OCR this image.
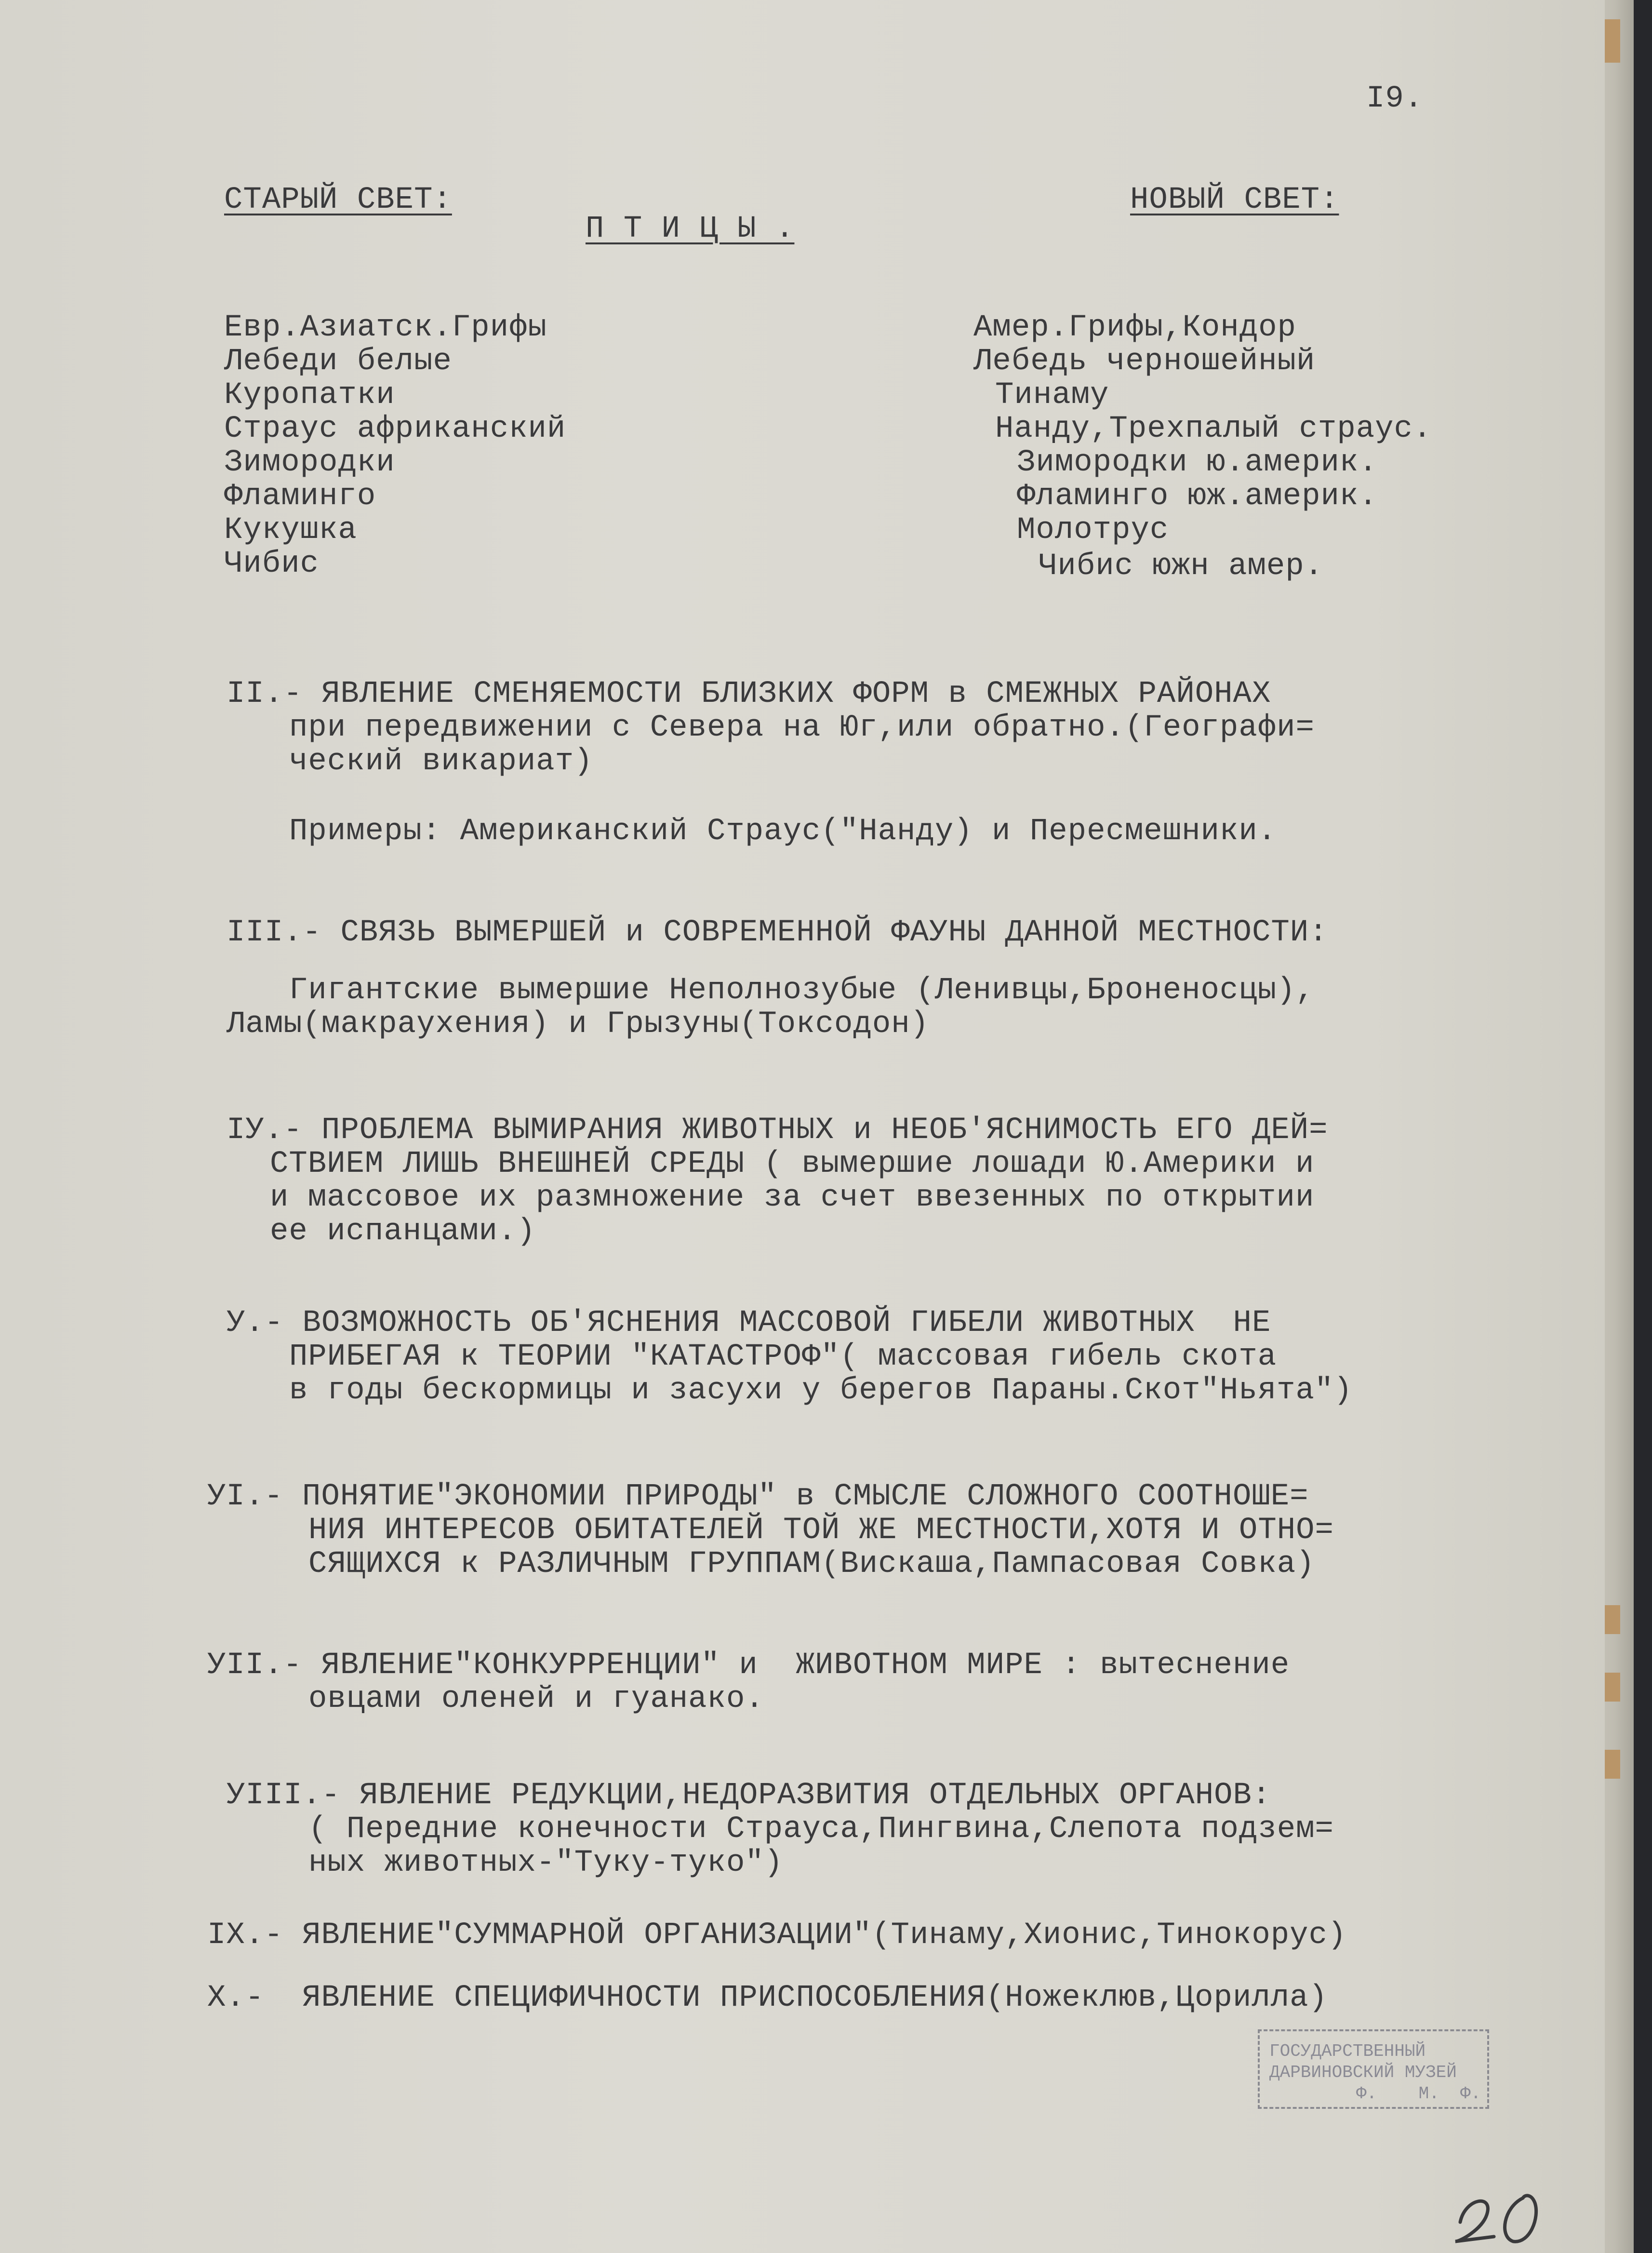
I9.
СТАРЫЙ СВЕТ:	НОВЫЙ СВЕТ:
П Т И Ц Ы .
Евр.Азиатск.Грифы
Лебеди белые
Куропатки
Страус африканский
Зимородки
Фламинго
Кукушка
Чибис
Амер.Грифы,Кондор
Лебедь черношейный
Тинаму
Нанду,Трехпалый страус.
Зимородки ю.америк.
Фламинго юж.америк.
Молотрус
Чибис южн амер.
II.- ЯВЛЕНИЕ СМЕНЯЕМОСТИ БЛИЗКИХ ФОРМ в СМЕЖНЫХ РАЙОНАХ
при передвижении с Севера на Юг,или обратно.(Географи=
ческий викариат)
Примеры: Американский Страус("Нанду) и Пересмешники.
III.- СВЯЗЬ ВЫМЕРШЕЙ и СОВРЕМЕННОЙ ФАУНЫ ДАННОЙ МЕСТНОСТИ:
Гигантские вымершие Неполнозубые (Ленивцы,Броненосцы),
Ламы(макраухения) и Грызуны(Токсодон)
IУ.- ПРОБЛЕМА ВЫМИРАНИЯ ЖИВОТНЫХ и НЕОБ'ЯСНИМОСТЬ ЕГО ДЕЙ=
СТВИЕМ ЛИШЬ ВНЕШНЕЙ СРЕДЫ ( вымершие лошади Ю.Америки и
и массовое их размножение за счет ввезенных по открытии
ее испанцами.)
У.- ВОЗМОЖНОСТЬ ОБ'ЯСНЕНИЯ МАССОВОЙ ГИБЕЛИ ЖИВОТНЫХ  НЕ
ПРИБЕГАЯ к ТЕОРИИ "КАТАСТРОФ"( массовая гибель скота
в годы бескормицы и засухи у берегов Параны.Скот"Ньята")
УI.- ПОНЯТИЕ"ЭКОНОМИИ ПРИРОДЫ" в СМЫСЛЕ СЛОЖНОГО СООТНОШЕ=
НИЯ ИНТЕРЕСОВ ОБИТАТЕЛЕЙ ТОЙ ЖЕ МЕСТНОСТИ,ХОТЯ И ОТНО=
СЯЩИХСЯ к РАЗЛИЧНЫМ ГРУППАМ(Вискаша,Пампасовая Совка)
УII.- ЯВЛЕНИЕ"КОНКУРРЕНЦИИ" и  ЖИВОТНОМ МИРЕ : вытеснение
овцами оленей и гуанако.
УIII.- ЯВЛЕНИЕ РЕДУКЦИИ,НЕДОРАЗВИТИЯ ОТДЕЛЬНЫХ ОРГАНОВ:
( Передние конечности Страуса,Пингвина,Слепота подзем=
ных животных-"Туку-туко")
IX.- ЯВЛЕНИЕ"СУММАРНОЙ ОРГАНИЗАЦИИ"(Тинаму,Хионис,Тинокорус)
X.-  ЯВЛЕНИЕ СПЕЦИФИЧНОСТИ ПРИСПОСОБЛЕНИЯ(Ножеклюв,Цорилла)
ГОСУДАРСТВЕННЫЙ
ДАРВИНОВСКИЙ МУЗЕЙ
Ф.    М.  Ф.
